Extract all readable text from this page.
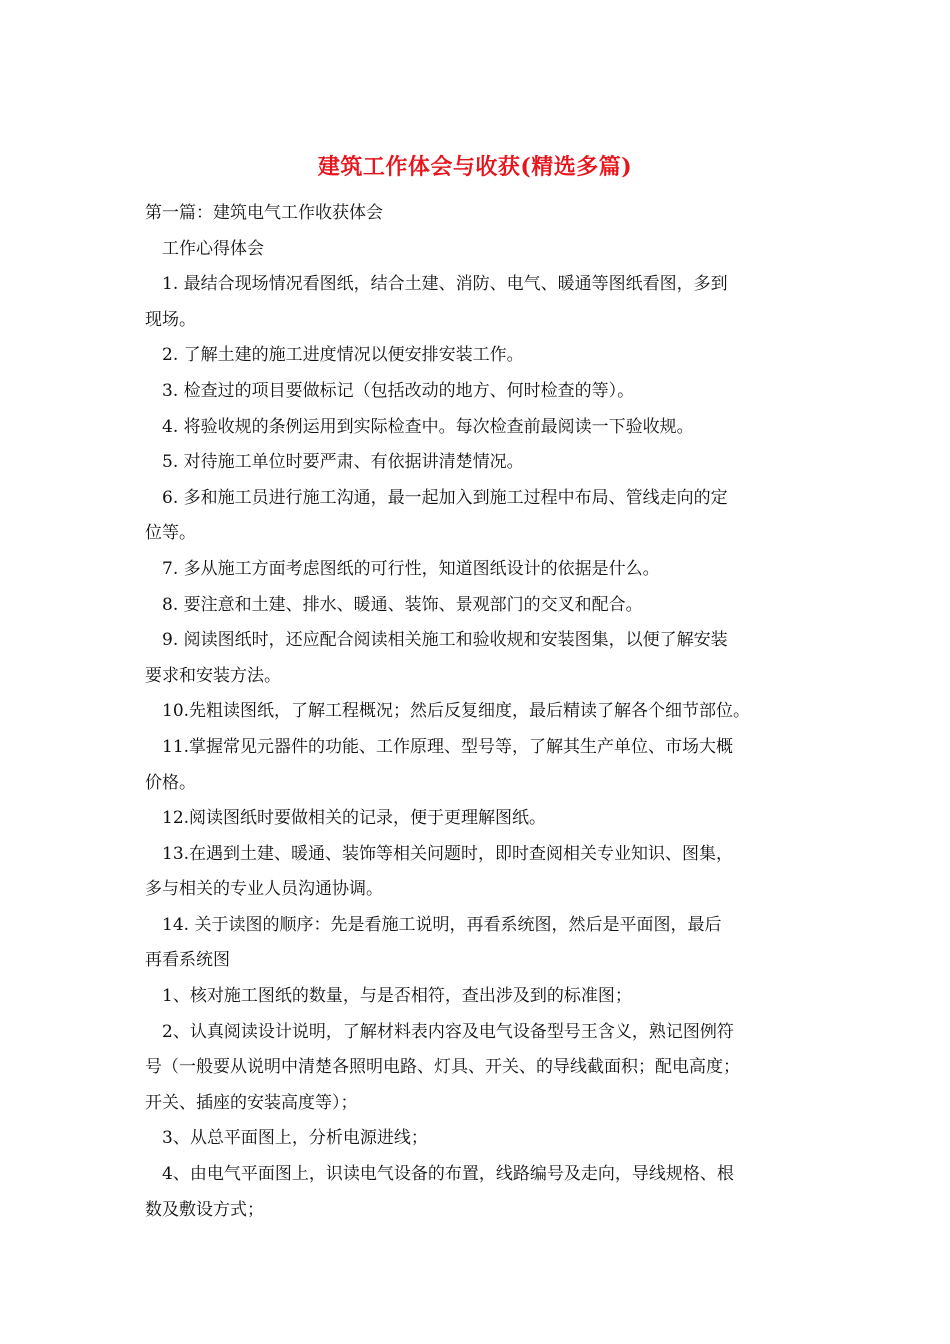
建筑工作体会与收获(精选多篇)
第一篇：建筑电气工作收获体会
工作心得体会
1. 最结合现场情况看图纸，结合土建、消防、电气、暖通等图纸看图，多到
现场。
2. 了解土建的施工进度情况以便安排安装工作。
3. 检查过的项目要做标记（包括改动的地方、何时检查的等）。
4. 将验收规的条例运用到实际检查中。每次检查前最阅读一下验收规。
5. 对待施工单位时要严肃、有依据讲清楚情况。
6. 多和施工员进行施工沟通，最一起加入到施工过程中布局、管线走向的定
位等。
7. 多从施工方面考虑图纸的可行性，知道图纸设计的依据是什么。
8. 要注意和土建、排水、暖通、装饰、景观部门的交叉和配合。
9. 阅读图纸时，还应配合阅读相关施工和验收规和安装图集，以便了解安装
要求和安装方法。
10.先粗读图纸，了解工程概况；然后反复细度，最后精读了解各个细节部位。
11.掌握常见元器件的功能、工作原理、型号等，了解其生产单位、市场大概
价格。
12.阅读图纸时要做相关的记录，便于更理解图纸。
13.在遇到土建、暖通、装饰等相关问题时，即时查阅相关专业知识、图集，
多与相关的专业人员沟通协调。
14. 关于读图的顺序：先是看施工说明，再看系统图，然后是平面图，最后
再看系统图
1、核对施工图纸的数量，与是否相符，查出涉及到的标准图；
2、认真阅读设计说明，了解材料表内容及电气设备型号王含义，熟记图例符
号（一般要从说明中清楚各照明电路、灯具、开关、的导线截面积；配电高度；
开关、插座的安装高度等）；
3、从总平面图上，分析电源进线；
4、由电气平面图上，识读电气设备的布置，线路编号及走向，导线规格、根
数及敷设方式；
